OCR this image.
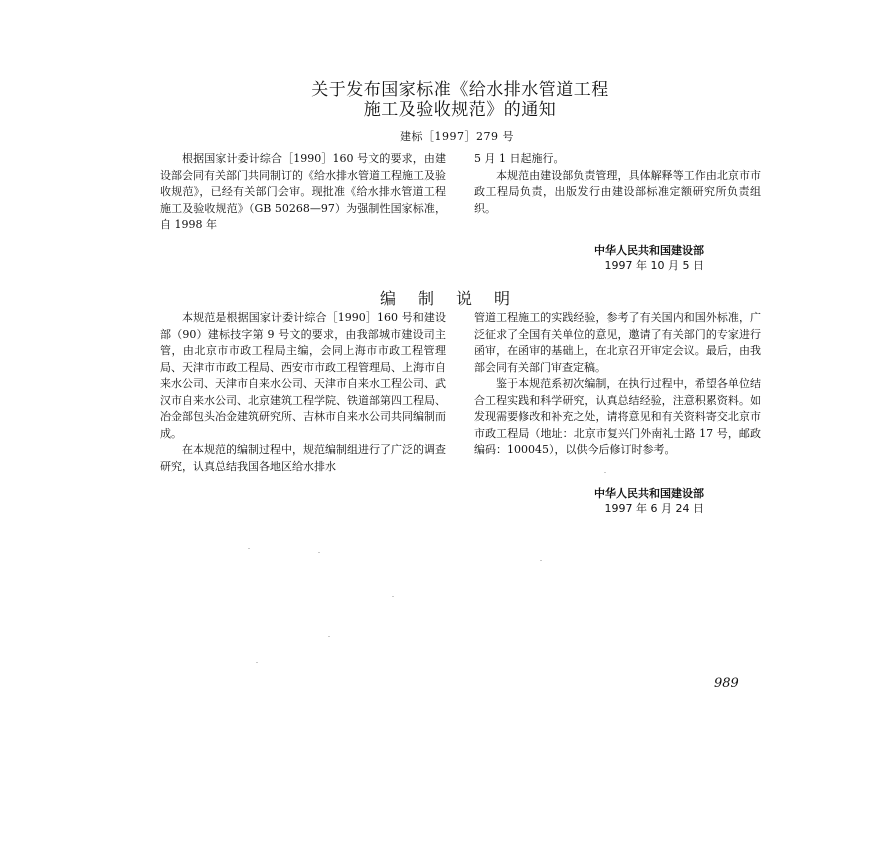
关于发布国家标准《给水排水管道工程
施工及验收规范》的通知
建标［1997］279 号

根据国家计委计综合［1990］160 号文的要求，由建设部会同有关部门共同制订的《给水排水管道工程施工及验收规范》，已经有关部门会审。现批准《给水排水管道工程施工及验收规范》（GB 50268—97）为强制性国家标准，自 1998 年

5 月 1 日起施行。

本规范由建设部负责管理，具体解释等工作由北京市市政工程局负责，出版发行由建设部标准定额研究所负责组织。

中华人民共和国建设部
1997 年 10 月 5 日
编制说明

本规范是根据国家计委计综合［1990］160 号和建设部（90）建标技字第 9 号文的要求，由我部城市建设司主管，由北京市市政工程局主编，会同上海市市政工程管理局、天津市市政工程局、西安市市政工程管理局、上海市自来水公司、天津市自来水公司、天津市自来水工程公司、武汉市自来水公司、北京建筑工程学院、铁道部第四工程局、冶金部包头冶金建筑研究所、吉林市自来水公司共同编制而成。

在本规范的编制过程中，规范编制组进行了广泛的调查研究，认真总结我国各地区给水排水

管道工程施工的实践经验，参考了有关国内和国外标准，广泛征求了全国有关单位的意见，邀请了有关部门的专家进行函审，在函审的基础上，在北京召开审定会议。最后，由我部会同有关部门审查定稿。

鉴于本规范系初次编制，在执行过程中，希望各单位结合工程实践和科学研究，认真总结经验，注意积累资料。如发现需要修改和补充之处，请将意见和有关资料寄交北京市市政工程局（地址：北京市复兴门外南礼士路 17 号，邮政编码：100045），以供今后修订时参考。

中华人民共和国建设部
1997 年 6 月 24 日
989
